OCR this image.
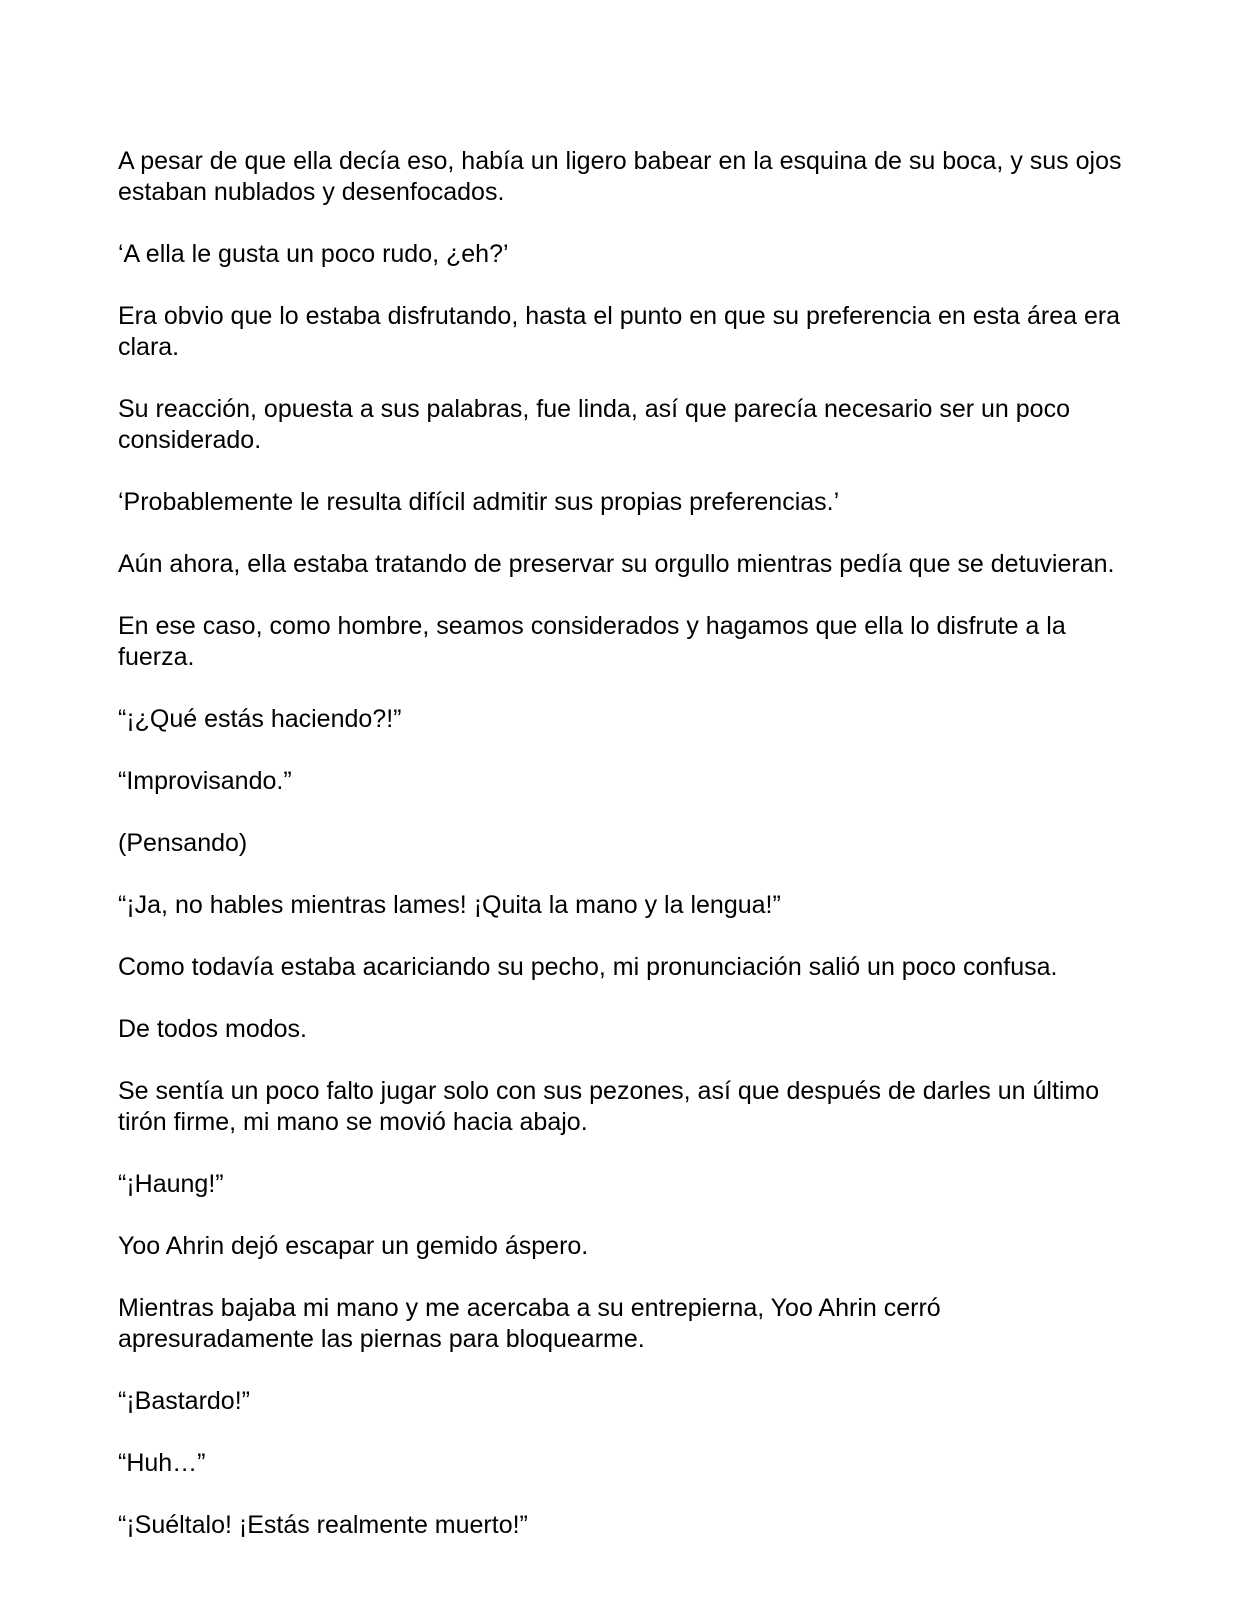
A pesar de que ella decía eso, había un ligero babear en la esquina de su boca, y sus ojos estaban nublados y desenfocados.

‘A ella le gusta un poco rudo, ¿eh?’

Era obvio que lo estaba disfrutando, hasta el punto en que su preferencia en esta área era clara.

Su reacción, opuesta a sus palabras, fue linda, así que parecía necesario ser un poco considerado.

‘Probablemente le resulta difícil admitir sus propias preferencias.’

Aún ahora, ella estaba tratando de preservar su orgullo mientras pedía que se detuvieran.

En ese caso, como hombre, seamos considerados y hagamos que ella lo disfrute a la fuerza.

“¡¿Qué estás haciendo?!”

“Improvisando.”

(Pensando)

“¡Ja, no hables mientras lames! ¡Quita la mano y la lengua!”

Como todavía estaba acariciando su pecho, mi pronunciación salió un poco confusa.

De todos modos.

Se sentía un poco falto jugar solo con sus pezones, así que después de darles un último tirón firme, mi mano se movió hacia abajo.

“¡Haung!”

Yoo Ahrin dejó escapar un gemido áspero.

Mientras bajaba mi mano y me acercaba a su entrepierna, Yoo Ahrin cerró apresuradamente las piernas para bloquearme.

“¡Bastardo!”

“Huh…”

“¡Suéltalo! ¡Estás realmente muerto!”
